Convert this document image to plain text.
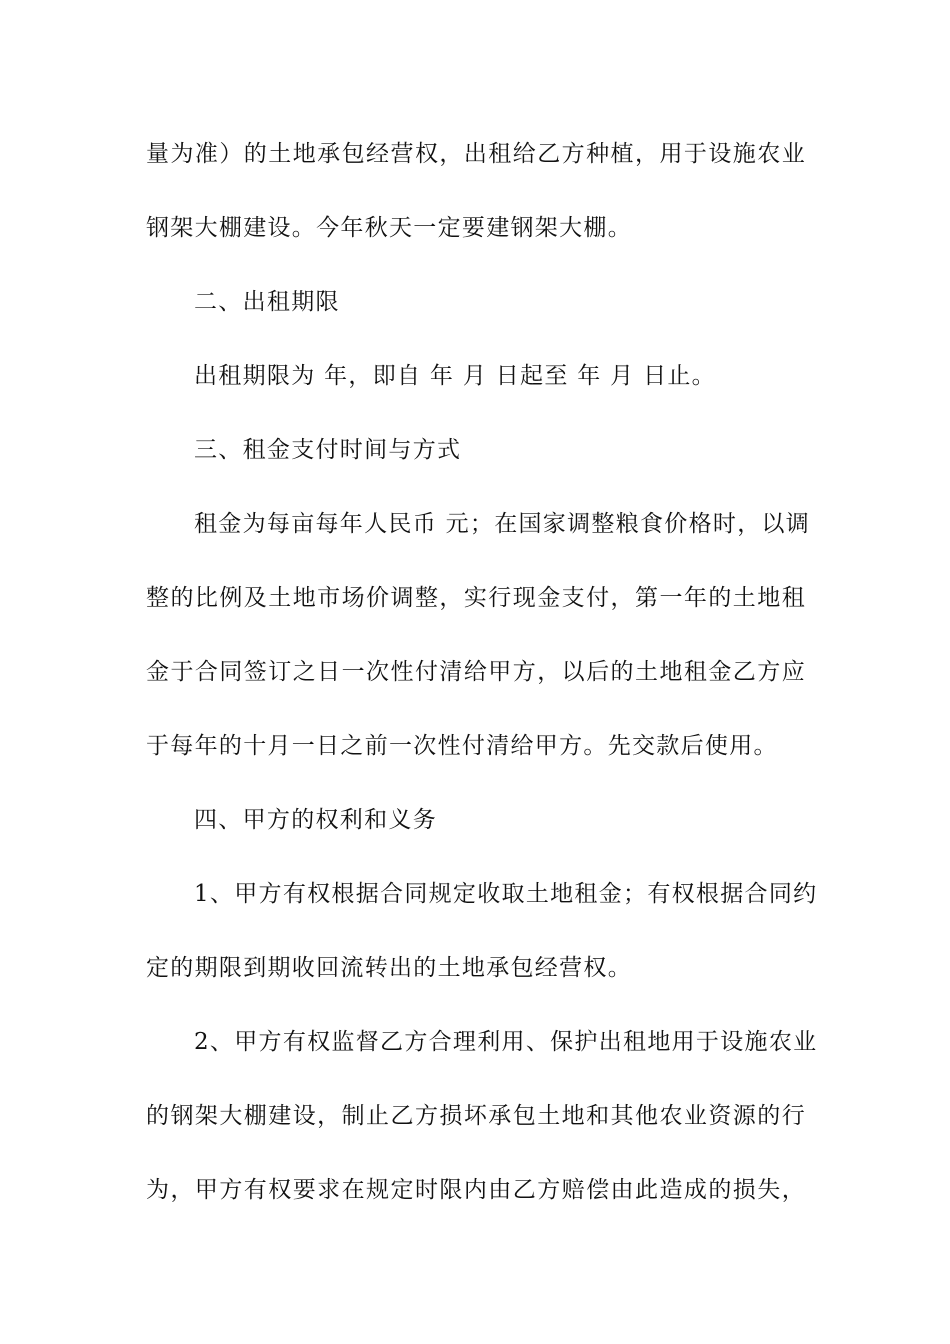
量为准）的土地承包经营权，出租给乙方种植，用于设施农业
钢架大棚建设。今年秋天一定要建钢架大棚。
二、出租期限
出租期限为 年，即自 年 月 日起至 年 月 日止。
三、租金支付时间与方式
租金为每亩每年人民币 元；在国家调整粮食价格时，以调
整的比例及土地市场价调整，实行现金支付，第一年的土地租
金于合同签订之日一次性付清给甲方，以后的土地租金乙方应
于每年的十月一日之前一次性付清给甲方。先交款后使用。
四、甲方的权利和义务
1、甲方有权根据合同规定收取土地租金；有权根据合同约
定的期限到期收回流转出的土地承包经营权。
2、甲方有权监督乙方合理利用、保护出租地用于设施农业
的钢架大棚建设，制止乙方损坏承包土地和其他农业资源的行
为，甲方有权要求在规定时限内由乙方赔偿由此造成的损失，
